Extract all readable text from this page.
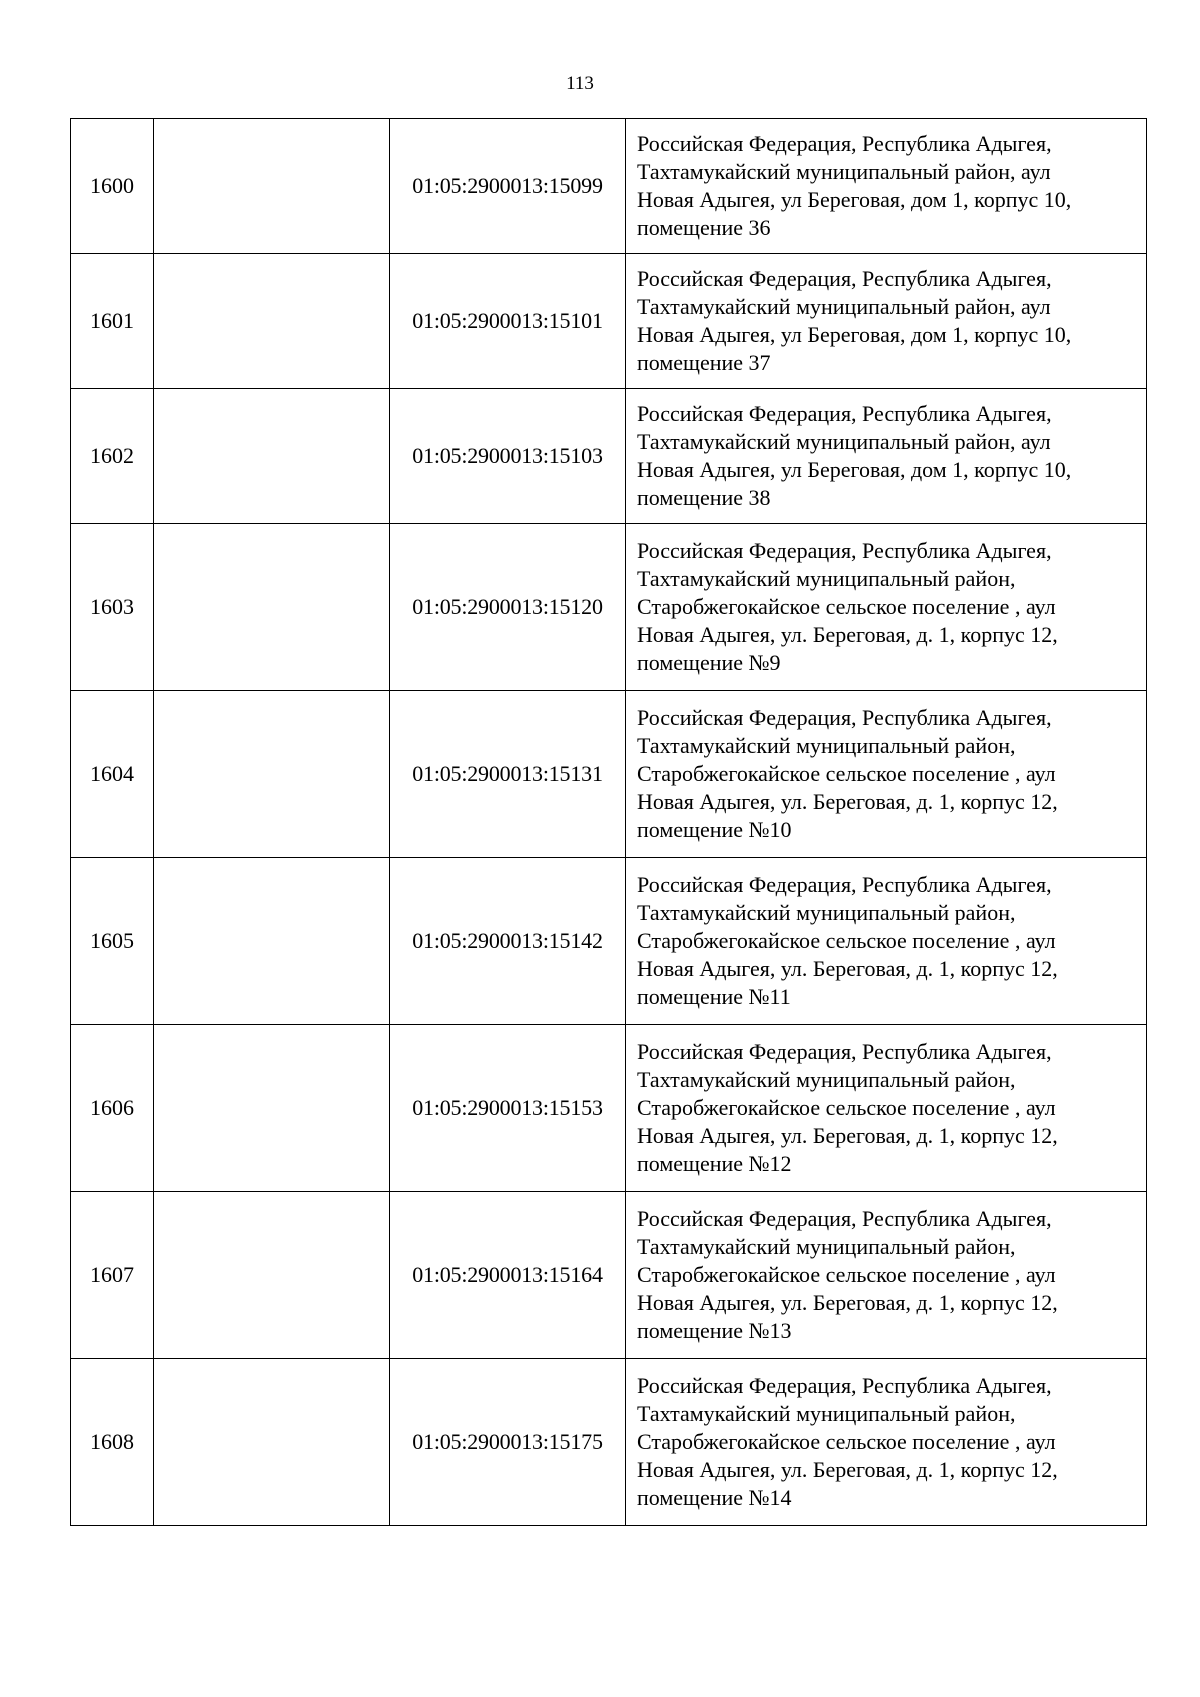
113
1600		01:05:2900013:15099	Российская Федерация, Республика Адыгея,
Тахтамукайский муниципальный район, аул
Новая Адыгея, ул Береговая, дом 1, корпус 10,
помещение 36

1601		01:05:2900013:15101	Российская Федерация, Республика Адыгея,
Тахтамукайский муниципальный район, аул
Новая Адыгея, ул Береговая, дом 1, корпус 10,
помещение 37

1602		01:05:2900013:15103	Российская Федерация, Республика Адыгея,
Тахтамукайский муниципальный район, аул
Новая Адыгея, ул Береговая, дом 1, корпус 10,
помещение 38

1603		01:05:2900013:15120	Российская Федерация, Республика Адыгея,
Тахтамукайский муниципальный район,
Старобжегокайское сельское поселение , аул
Новая Адыгея, ул. Береговая, д. 1, корпус 12,
помещение №9

1604		01:05:2900013:15131	Российская Федерация, Республика Адыгея,
Тахтамукайский муниципальный район,
Старобжегокайское сельское поселение , аул
Новая Адыгея, ул. Береговая, д. 1, корпус 12,
помещение №10

1605		01:05:2900013:15142	Российская Федерация, Республика Адыгея,
Тахтамукайский муниципальный район,
Старобжегокайское сельское поселение , аул
Новая Адыгея, ул. Береговая, д. 1, корпус 12,
помещение №11

1606		01:05:2900013:15153	Российская Федерация, Республика Адыгея,
Тахтамукайский муниципальный район,
Старобжегокайское сельское поселение , аул
Новая Адыгея, ул. Береговая, д. 1, корпус 12,
помещение №12

1607		01:05:2900013:15164	Российская Федерация, Республика Адыгея,
Тахтамукайский муниципальный район,
Старобжегокайское сельское поселение , аул
Новая Адыгея, ул. Береговая, д. 1, корпус 12,
помещение №13

1608		01:05:2900013:15175	Российская Федерация, Республика Адыгея,
Тахтамукайский муниципальный район,
Старобжегокайское сельское поселение , аул
Новая Адыгея, ул. Береговая, д. 1, корпус 12,
помещение №14
